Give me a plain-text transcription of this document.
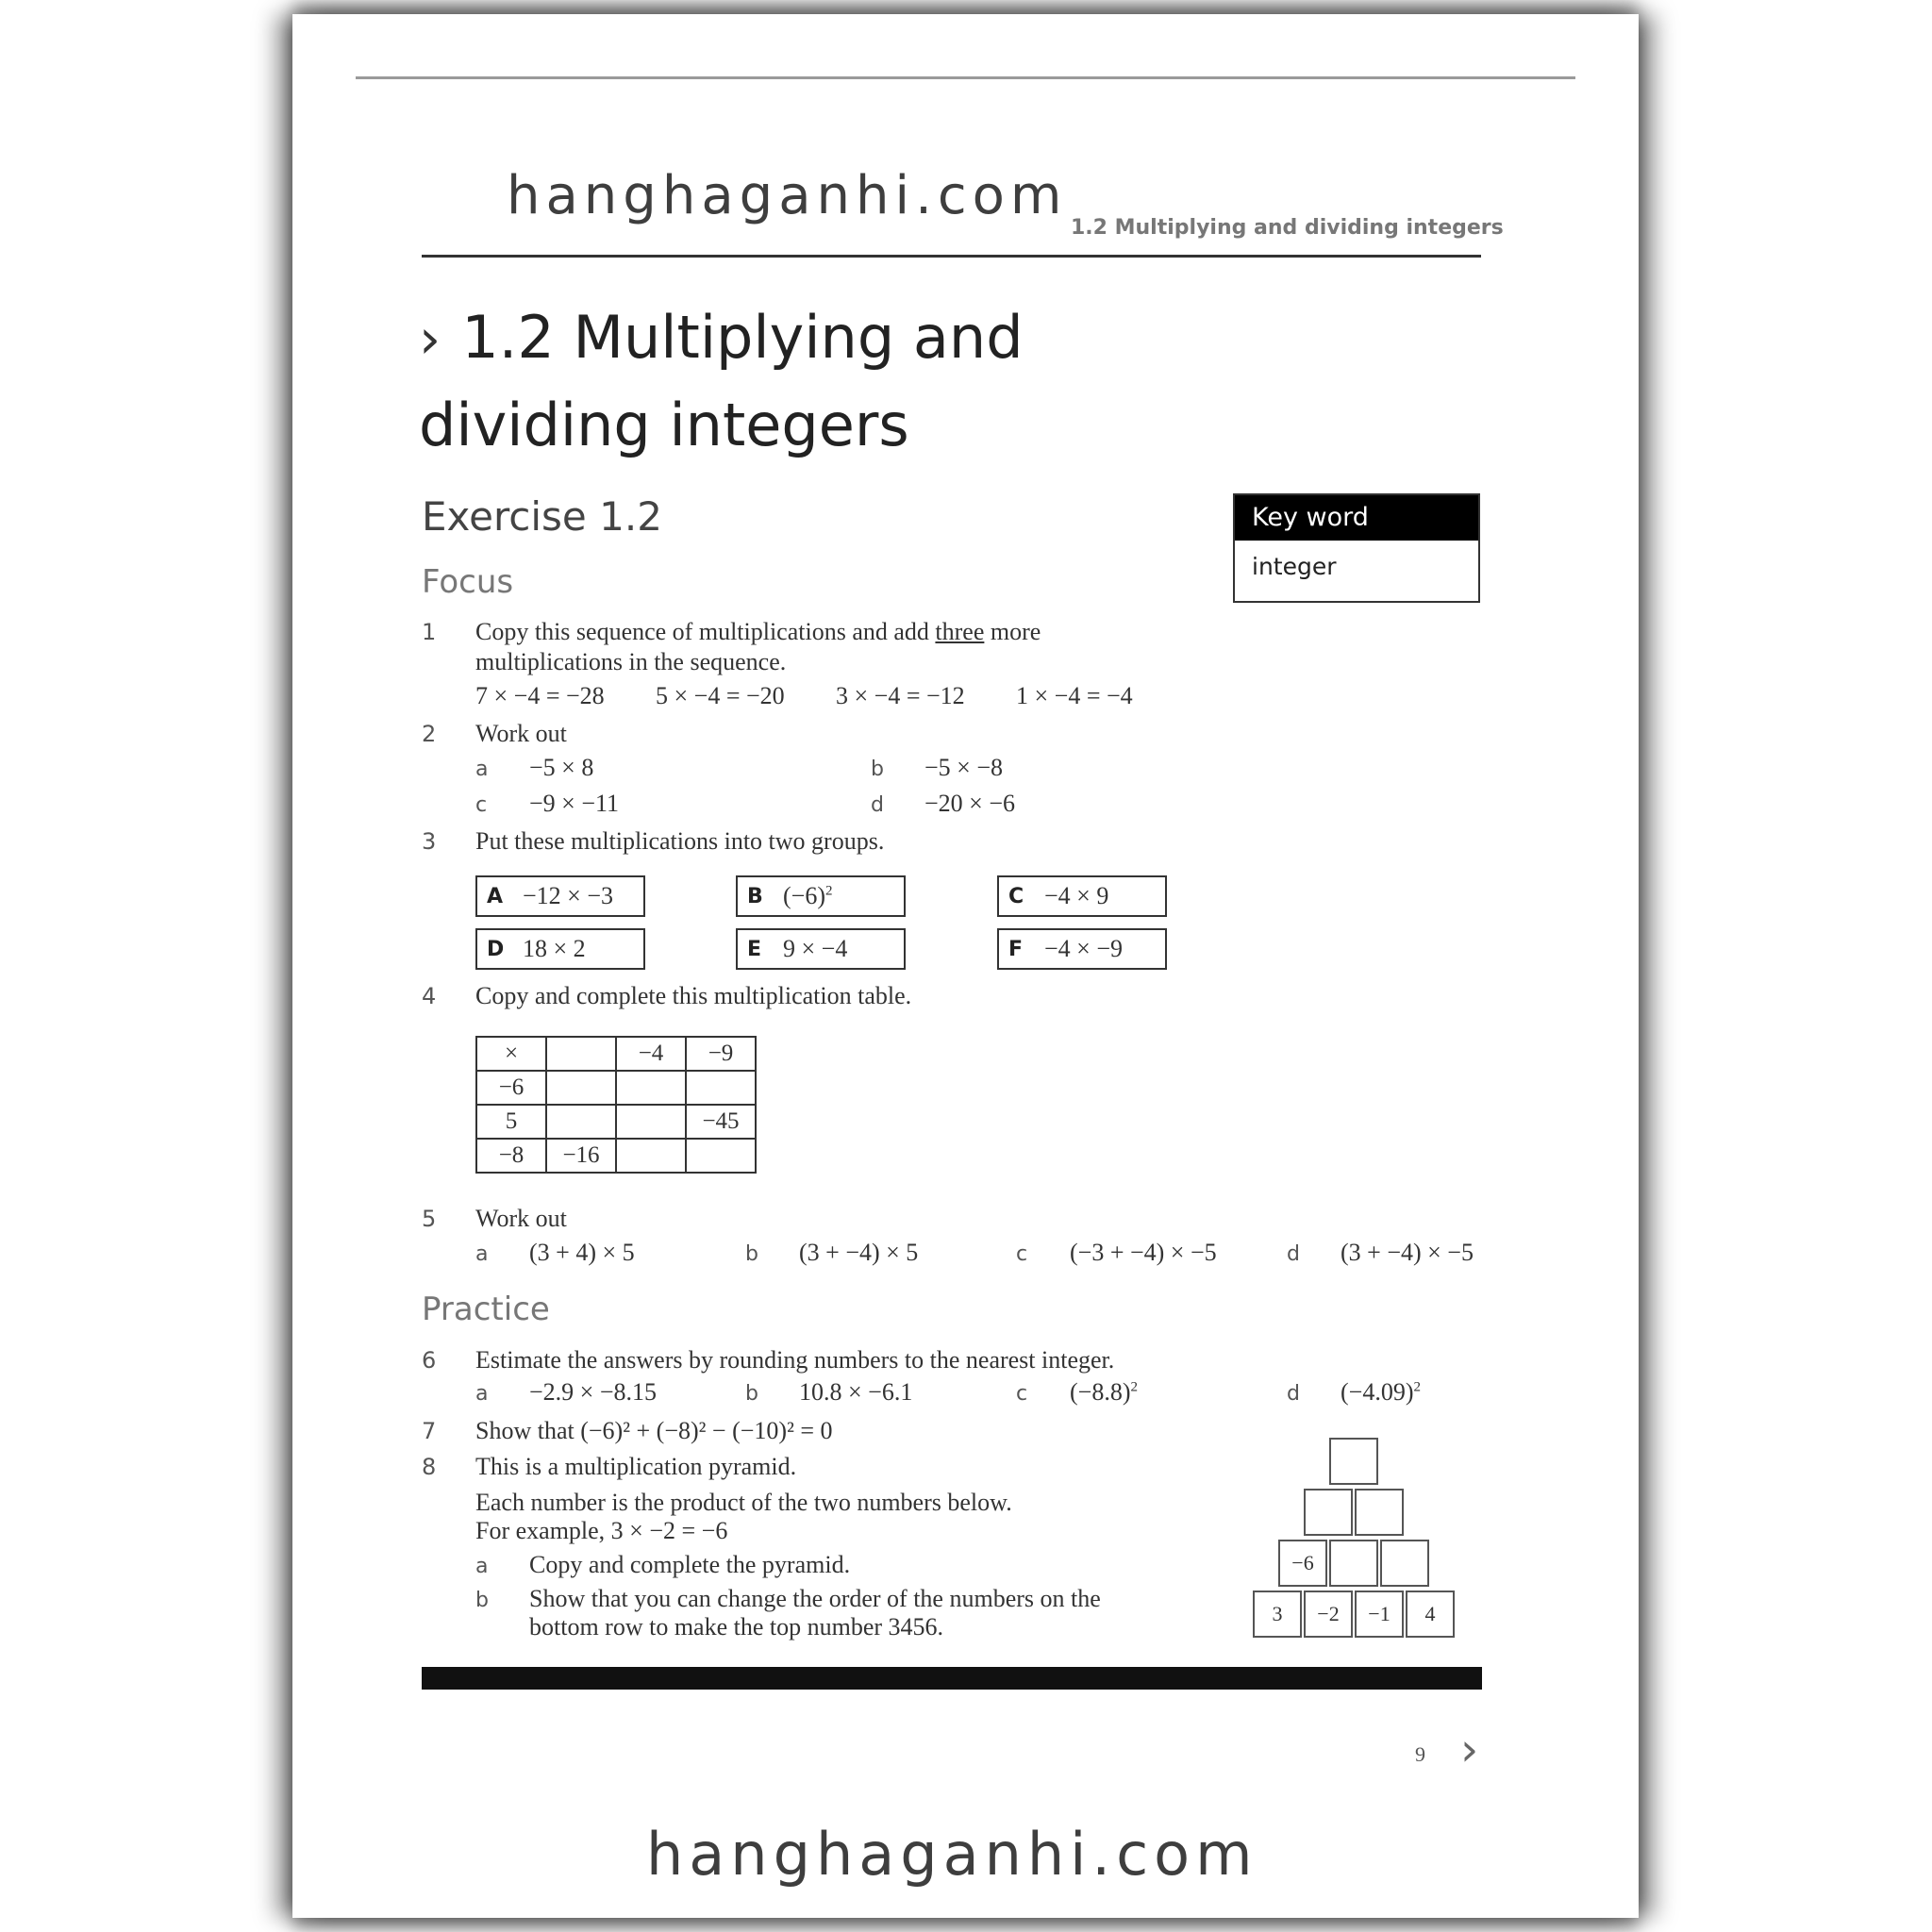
hanghaganhi.com
1.2 Multiplying and dividing integers
› 1.2 Multiplying and
dividing integers
Exercise 1.2	Key word
integer
Focus
1	Copy this sequence of multiplications and add three more
multiplications in the sequence.
7 × −4 = −28 5 × −4 = −20 3 × −4 = −12 1 × −4 = −4
2	Work out
a −5 × 8	b −5 × −8
c −9 × −11	d −20 × −6
3	Put these multiplications into two groups.
A −12 × −3	B $(-6)^2$	C −4 × 9
D 18 × 2	E 9 × −4	F −4 × −9
4	Copy and complete this multiplication table.
×		−4	−9
−6			
5			−45
−8	−16		
5	Work out
a (3 + 4) × 5	b (3 + −4) × 5	c (−3 + −4) × −5	d (3 + −4) × −5
Practice
6	Estimate the answers by rounding numbers to the nearest integer.
a −2.9 × −8.15	b 10.8 × −6.1	c $(-8.8)^2$	d $(-4.09)^2$
7	Show that (−6)² + (−8)² − (−10)² = 0
8	This is a multiplication pyramid.
Each number is the product of the two numbers below.
For example, 3 × −2 = −6
a	Copy and complete the pyramid.
b	Show that you can change the order of the numbers on the
bottom row to make the top number 3456.
−6
3	−2	−1	4
9 ›
hanghaganhi.com
